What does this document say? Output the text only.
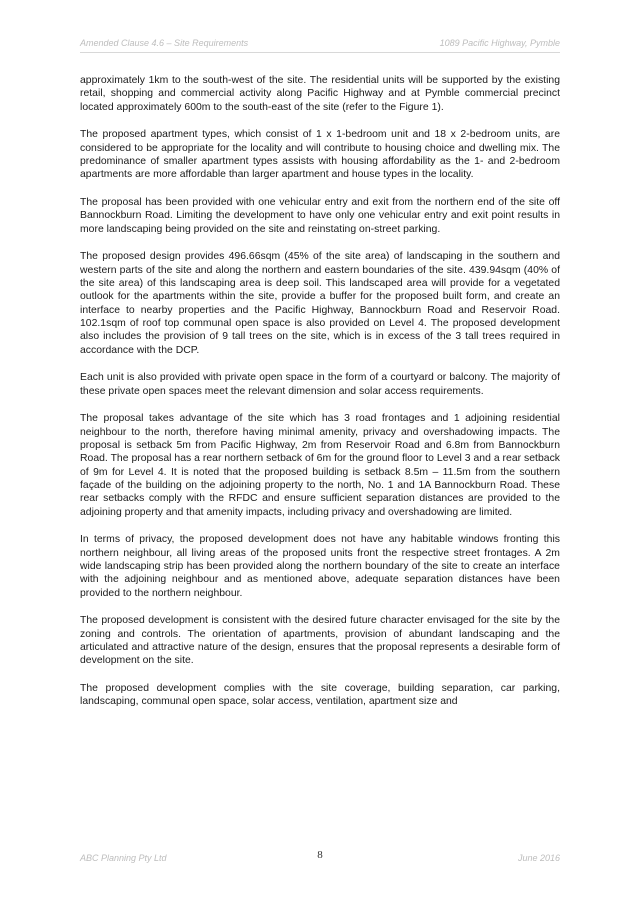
Amended Clause 4.6 – Site Requirements	1089 Pacific Highway, Pymble

approximately 1km to the south-west of the site. The residential units will be supported by the existing retail, shopping and commercial activity along Pacific Highway and at Pymble commercial precinct located approximately 600m to the south-east of the site (refer to the Figure 1).

The proposed apartment types, which consist of 1 x 1-bedroom unit and 18 x 2-bedroom units, are considered to be appropriate for the locality and will contribute to housing choice and dwelling mix. The predominance of smaller apartment types assists with housing affordability as the 1- and 2-bedroom apartments are more affordable than larger apartment and house types in the locality.

The proposal has been provided with one vehicular entry and exit from the northern end of the site off Bannockburn Road. Limiting the development to have only one vehicular entry and exit point results in more landscaping being provided on the site and reinstating on-street parking.

The proposed design provides 496.66sqm (45% of the site area) of landscaping in the southern and western parts of the site and along the northern and eastern boundaries of the site. 439.94sqm (40% of the site area) of this landscaping area is deep soil. This landscaped area will provide for a vegetated outlook for the apartments within the site, provide a buffer for the proposed built form, and create an interface to nearby properties and the Pacific Highway, Bannockburn Road and Reservoir Road. 102.1sqm of roof top communal open space is also provided on Level 4. The proposed development also includes the provision of 9 tall trees on the site, which is in excess of the 3 tall trees required in accordance with the DCP.

Each unit is also provided with private open space in the form of a courtyard or balcony. The majority of these private open spaces meet the relevant dimension and solar access requirements.

The proposal takes advantage of the site which has 3 road frontages and 1 adjoining residential neighbour to the north, therefore having minimal amenity, privacy and overshadowing impacts. The proposal is setback 5m from Pacific Highway, 2m from Reservoir Road and 6.8m from Bannockburn Road. The proposal has a rear northern setback of 6m for the ground floor to Level 3 and a rear setback of 9m for Level 4. It is noted that the proposed building is setback 8.5m – 11.5m from the southern façade of the building on the adjoining property to the north, No. 1 and 1A Bannockburn Road. These rear setbacks comply with the RFDC and ensure sufficient separation distances are provided to the adjoining property and that amenity impacts, including privacy and overshadowing are limited.

In terms of privacy, the proposed development does not have any habitable windows fronting this northern neighbour, all living areas of the proposed units front the respective street frontages. A 2m wide landscaping strip has been provided along the northern boundary of the site to create an interface with the adjoining neighbour and as mentioned above, adequate separation distances have been provided to the northern neighbour.

The proposed development is consistent with the desired future character envisaged for the site by the zoning and controls. The orientation of apartments, provision of abundant landscaping and the articulated and attractive nature of the design, ensures that the proposal represents a desirable form of development on the site.

The proposed development complies with the site coverage, building separation, car parking, landscaping, communal open space, solar access, ventilation, apartment size and

ABC Planning Pty Ltd	8	June 2016
